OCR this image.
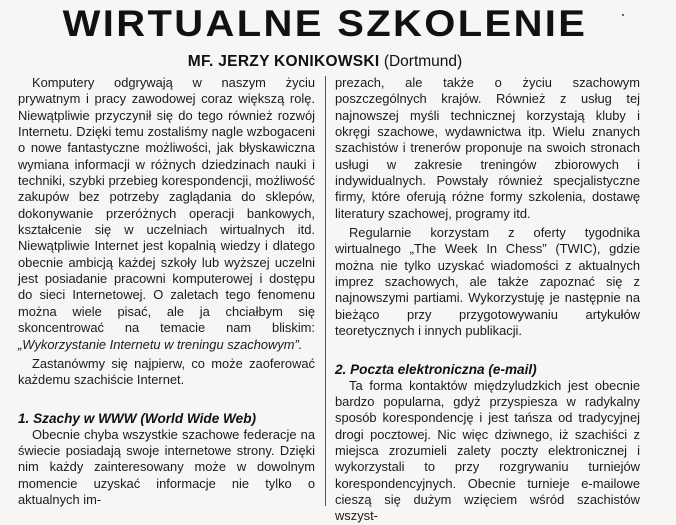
WIRTUALNE SZKOLENIE
MF. JERZY KONIKOWSKI (Dortmund)

Komputery odgrywają w naszym życiu prywatnym i pracy zawodowej coraz większą rolę. Niewątpliwie przyczynił się do tego również rozwój Internetu. Dzięki temu zostaliśmy nagle wzbogaceni o nowe fantastyczne możliwości, jak błyskawiczna wymiana informacji w różnych dziedzinach nauki i techniki, szybki przebieg korespondencji, możliwość zakupów bez potrzeby zaglądania do sklepów, dokonywanie przeróżnych operacji bankowych, kształcenie się w uczelniach wirtualnych itd. Niewątpliwie Internet jest kopalnią wiedzy i dlatego obecnie ambicją każdej szkoły lub wyższej uczelni jest posiadanie pracowni komputerowej i dostępu do sieci Internetowej. O zaletach tego fenomenu można wiele pisać, ale ja chciałbym się skoncentrować na temacie nam bliskim: „Wykorzystanie Internetu w treningu szachowym”.

Zastanówmy się najpierw, co może zaoferować każdemu szachiście Internet.

1. Szachy w WWW (World Wide Web)

Obecnie chyba wszystkie szachowe federacje na świecie posiadają swoje internetowe strony. Dzięki nim każdy zainteresowany może w dowolnym momencie uzyskać informacje nie tylko o aktualnych im-

prezach, ale także o życiu szachowym poszczególnych krajów. Również z usług tej najnowszej myśli technicznej korzystają kluby i okręgi szachowe, wydawnictwa itp. Wielu znanych szachistów i trenerów proponuje na swoich stronach usługi w zakresie treningów zbiorowych i indywidualnych. Powstały również specjalistyczne firmy, które oferują różne formy szkolenia, dostawę literatury szachowej, programy itd.

Regularnie korzystam z oferty tygodnika wirtualnego „The Week In Chess” (TWIC), gdzie można nie tylko uzyskać wiadomości z aktualnych imprez szachowych, ale także zapoznać się z najnowszymi partiami. Wykorzystuję je następnie na bieżąco przy przygotowywaniu artykułów teoretycznych i innych publikacji.

2. Poczta elektroniczna (e-mail)

Ta forma kontaktów międzyludzkich jest obecnie bardzo popularna, gdyż przyspiesza w radykalny sposób korespondencję i jest tańsza od tradycyjnej drogi pocztowej. Nic więc dziwnego, iż szachiści z miejsca zrozumieli zalety poczty elektronicznej i wykorzystali to przy rozgrywaniu turniejów korespondencyjnych. Obecnie turnieje e-mailowe cieszą się dużym wzięciem wśród szachistów wszyst-
